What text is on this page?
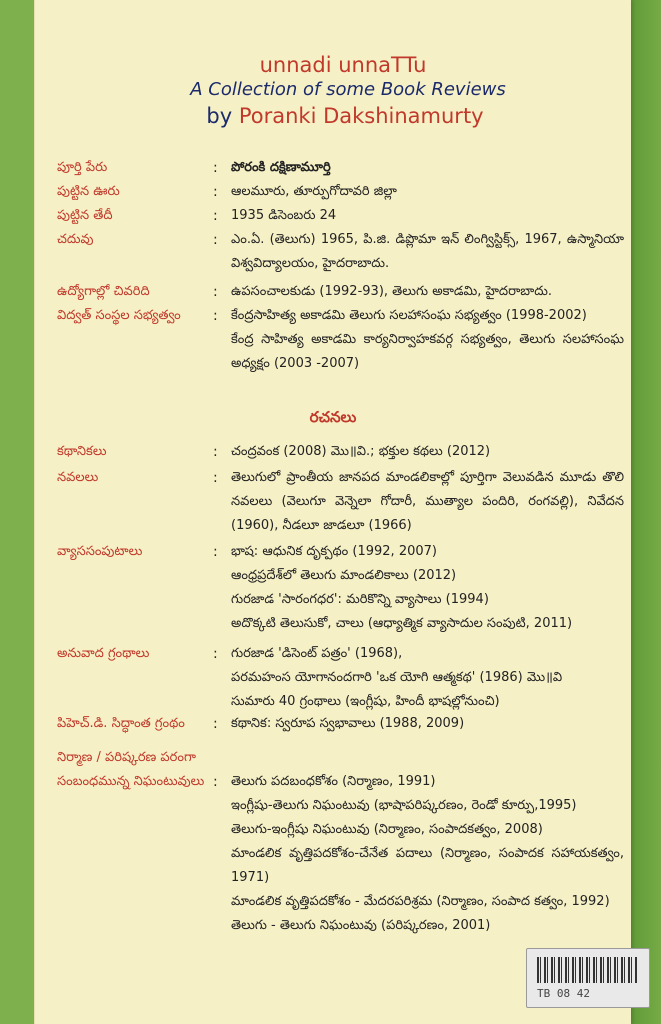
unnadi unnaTTu
A Collection of some Book Reviews
by Poranki Dakshinamurty
పూర్తి పేరు	: పోరంకి దక్షిణామూర్తి
పుట్టిన ఊరు	: ఆలమూరు, తూర్పుగోదావరి జిల్లా
పుట్టిన తేదీ	: 1935 డిసెంబరు 24
చదువు	: ఎం.ఏ. (తెలుగు) 1965, పి.జి. డిప్లొమా ఇన్ లింగ్విస్టిక్స్, 1967, ఉస్మానియా విశ్వవిద్యాలయం, హైదరాబాదు.

ఉద్యోగాల్లో చివరిది	: ఉపసంచాలకుడు (1992-93), తెలుగు అకాడమి, హైదరాబాదు.
విద్వత్ సంస్థల సభ్యత్వం	: కేంద్రసాహిత్య అకాడమి తెలుగు సలహాసంఘ సభ్యత్వం (1998-2002)

కేంద్ర సాహిత్య అకాడమి కార్యనిర్వాహకవర్గ సభ్యత్వం, తెలుగు సలహాసంఘ అధ్యక్షం (2003 -2007)

రచనలు
కథానికలు	: చంద్రవంక (2008) మొ॥వి.; భక్తుల కథలు (2012)
నవలలు	: తెలుగులో ప్రాంతీయ జానపద మాండలికాల్లో పూర్తిగా వెలువడిన మూడు తొలి నవలలు (వెలుగూ వెన్నెలా గోదారీ, ముత్యాల పందిరి, రంగవల్లి), నివేదన (1960), నీడలూ జాడలూ (1966)

వ్యాససంపుటాలు	: భాష: ఆధునిక దృక్పథం (1992, 2007)

ఆంధ్రప్రదేశ్‌లో తెలుగు మాండలికాలు (2012)

గురజాడ 'సారంగధర': మరికొన్ని వ్యాసాలు (1994)

అదొక్కటి తెలుసుకో, చాలు (ఆధ్యాత్మిక వ్యాసాదుల సంపుటి, 2011)

అనువాద గ్రంథాలు	: గురజాడ 'డిసెంట్ పత్రం' (1968),

పరమహంస యోగానందగారి 'ఒక యోగి ఆత్మకథ' (1986) మొ॥వి

సుమారు 40 గ్రంథాలు (ఇంగ్లీషు, హిందీ భాషల్లోనుంచి)

పిహెచ్.డి. సిద్ధాంత గ్రంథం	: కథానిక: స్వరూప స్వభావాలు (1988, 2009)
నిర్మాణ / పరిష్కరణ పరంగా
సంబంధమున్న నిఘంటువులు : తెలుగు పదబంధకోశం (నిర్మాణం, 1991)

ఇంగ్లీషు-తెలుగు నిఘంటువు (భాషాపరిష్కరణం, రెండో కూర్పు,1995)

తెలుగు-ఇంగ్లీషు నిఘంటువు (నిర్మాణం, సంపాదకత్వం, 2008)

మాండలిక వృత్తిపదకోశం-చేనేత పదాలు (నిర్మాణం, సంపాదక సహాయకత్వం, 1971)

మాండలిక వృత్తిపదకోశం - మేదరపరిశ్రమ (నిర్మాణం, సంపాద కత్వం, 1992)

తెలుగు - తెలుగు నిఘంటువు (పరిష్కరణం, 2001)

TB 08 42
